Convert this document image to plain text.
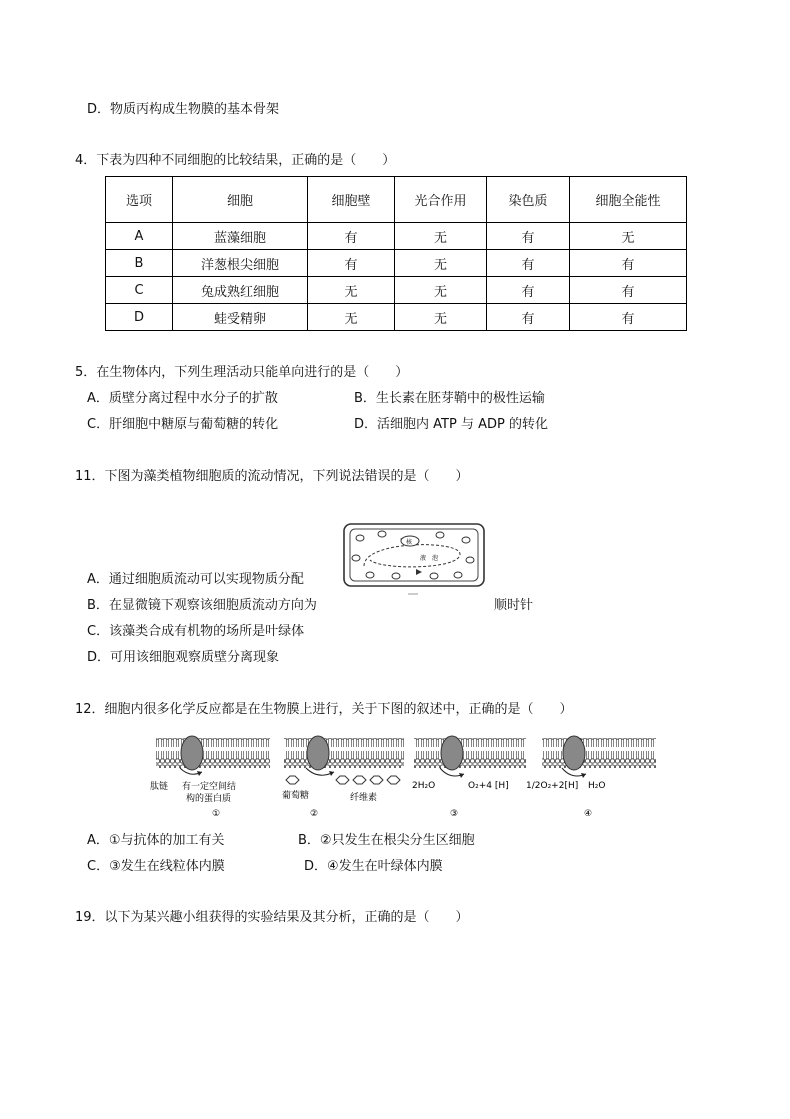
D．物质丙构成生物膜的基本骨架
4．下表为四种不同细胞的比较结果，正确的是（　　）
选项	细胞	细胞壁	光合作用	染色质	细胞全能性
A	蓝藻细胞	有	无	有	无
B	洋葱根尖细胞	有	无	有	有
C	兔成熟红细胞	无	无	有	有
D	蛙受精卵	无	无	有	有
5．在生物体内，下列生理活动只能单向进行的是（　　）
A．质壁分离过程中水分子的扩散	B．生长素在胚芽鞘中的极性运输
C．肝细胞中糖原与葡萄糖的转化	D．活细胞内 ATP 与 ADP 的转化
11．下图为藻类植物细胞质的流动情况，下列说法错误的是（　　）
核
液　泡
A．通过细胞质流动可以实现物质分配
B．在显微镜下观察该细胞质流动方向为	顺时针
C．该藻类合成有机物的场所是叶绿体
D．可用该细胞观察质壁分离现象
12．细胞内很多化学反应都是在生物膜上进行，关于下图的叙述中，正确的是（　　）
肽链 有一定空间结
构的蛋白质
①
葡萄糖	纤维素
②
2H₂O	O₂+4 [H]
③
1/2O₂+2[H] H₂O
④
A．①与抗体的加工有关	B．②只发生在根尖分生区细胞
C．③发生在线粒体内膜	D．④发生在叶绿体内膜
19．以下为某兴趣小组获得的实验结果及其分析，正确的是（　　）
